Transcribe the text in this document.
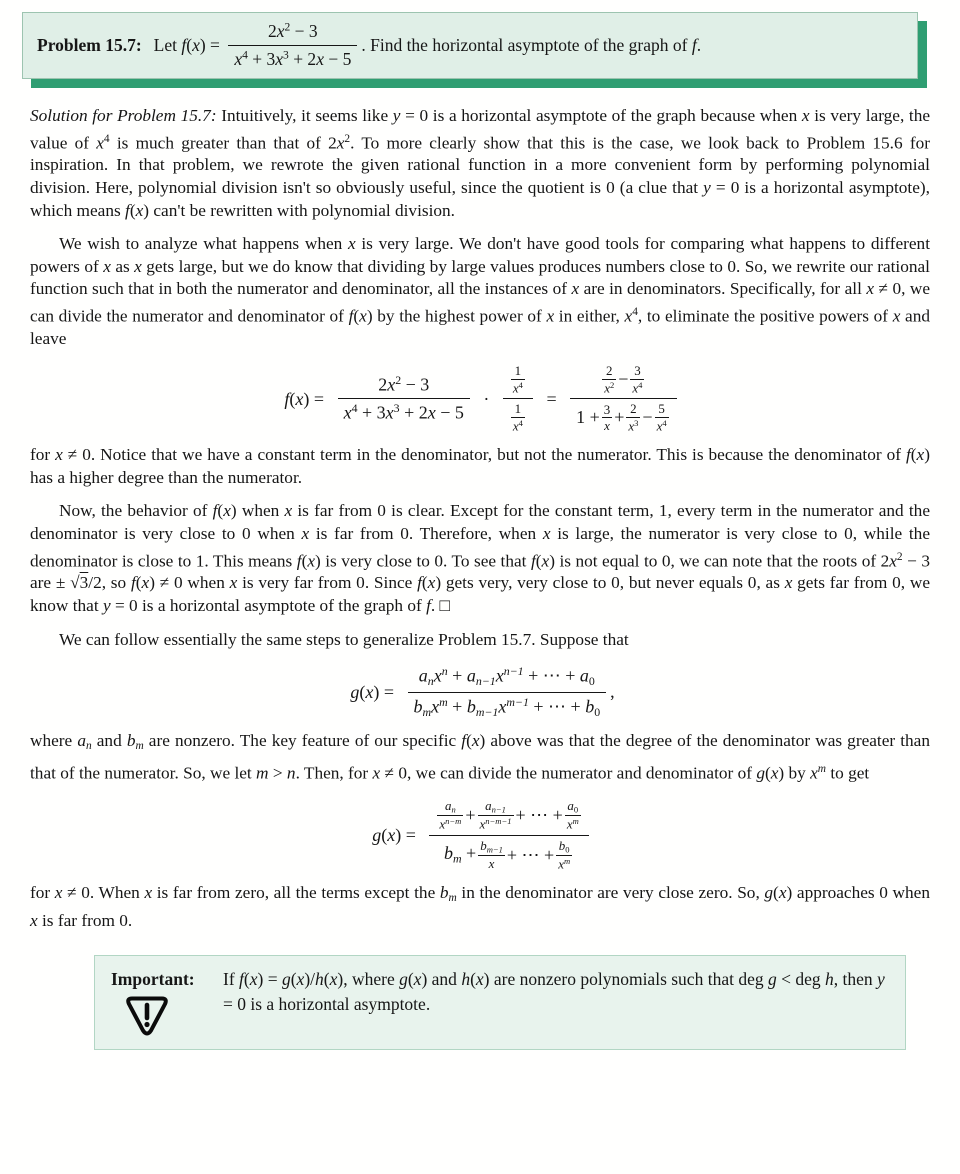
Problem 15.7: Let $f(x) = \frac{2x^2 - 3}{x^4 + 3x^3 + 2x - 5}$ . Find the horizontal asymptote of the graph of f.

Solution for Problem 15.7: Intuitively, it seems like y = 0 is a horizontal asymptote of the graph because when x is very large, the value of $x^4$ is much greater than that of $2x^2$. To more clearly show that this is the case, we look back to Problem 15.6 for inspiration. In that problem, we rewrote the given rational function in a more convenient form by performing polynomial division. Here, polynomial division isn't so obviously useful, since the quotient is 0 (a clue that y = 0 is a horizontal asymptote), which means f(x) can't be rewritten with polynomial division.

We wish to analyze what happens when x is very large. We don't have good tools for comparing what happens to different powers of x as x gets large, but we do know that dividing by large values produces numbers close to 0. So, we rewrite our rational function such that in both the numerator and denominator, all the instances of x are in denominators. Specifically, for all x ≠ 0, we can divide the numerator and denominator of f(x) by the highest power of x in either, $x^4$, to eliminate the positive powers of x and leave

$f(x) = \frac{2x^2 - 3}{x^4 + 3x^3 + 2x - 5} \cdot \frac{\frac{1}{x^4}}{\frac{1}{x^4}} = \frac{\frac{2}{x^2} - \frac{3}{x^4}}{1 + \frac{3}{x} + \frac{2}{x^3} - \frac{5}{x^4}}$

for x ≠ 0. Notice that we have a constant term in the denominator, but not the numerator. This is because the denominator of f(x) has a higher degree than the numerator.

Now, the behavior of f(x) when x is far from 0 is clear. Except for the constant term, 1, every term in the numerator and the denominator is very close to 0 when x is far from 0. Therefore, when x is large, the numerator is very close to 0, while the denominator is close to 1. This means f(x) is very close to 0. To see that f(x) is not equal to 0, we can note that the roots of $2x^2 - 3$ are ± √3/2, so f(x) ≠ 0 when x is very far from 0. Since f(x) gets very, very close to 0, but never equals 0, as x gets far from 0, we know that y = 0 is a horizontal asymptote of the graph of f. □

We can follow essentially the same steps to generalize Problem 15.7. Suppose that

g(x) =
$a_nx^n + a_{n-1}x^{n-1}$ + ⋯ + $a_0$
$b_mx^m + b_{m-1}x^{m-1}$ + ⋯ + $b_0$
,

where $a_n$ and $b_m$ are nonzero. The key feature of our specific f(x) above was that the degree of the denominator was greater than that of the numerator. So, we let m > n. Then, for x ≠ 0, we can divide the numerator and denominator of g(x) by $x^m$ to get

g(x) =
$\frac{a_n}{x^{n-m}} + \frac{a_{n-1}}{x^{n-m-1}}$ + ⋯ + $\frac{a_0}{x^m}$
$b_m + \frac{b_{m-1}}{x}$ + ⋯ + $\frac{b_0}{x^m}$

for x ≠ 0. When x is far from zero, all the terms except the $b_m$ in the denominator are very close zero. So, g(x) approaches 0 when x is far from 0.

Important:	If f(x) = g(x)/h(x), where g(x) and h(x) are nonzero polynomials such that deg g < deg h, then y = 0 is a horizontal asymptote.
